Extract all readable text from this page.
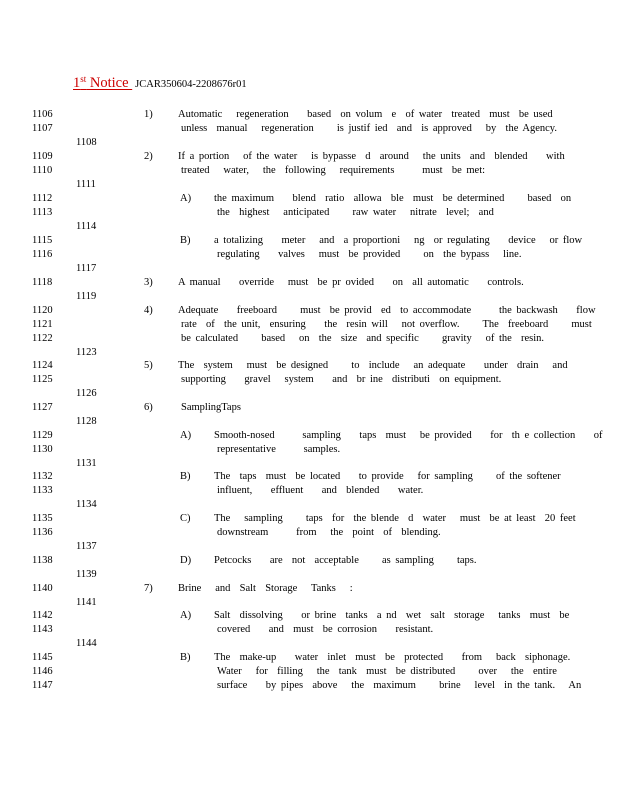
1st Notice JCAR350604-2208676r01
1106
1107
1108
1109
1110
1111
1112
1113
1114
1115
1116
1117
1118
1119
1120
1121
1122
1123
1124
1125
1126
1127
1128
1129
1130
1131
1132
1133
1134
1135
1136
1137
1138
1139
1140
1141
1142
1143
1144
1145
1146
1147
1) Automatic   regeneration    based  on volum  e  of water  treated  must  be used
unless  manual   regeneration     is justif ied  and  is approved   by  the Agency.
2) If a portion   of the water   is bypasse  d  around   the units  and  blended    with
treated   water,   the  following   requirements      must  be met:
A) the maximum    blend  ratio  allowa  ble  must  be determined     based  on
the  highest   anticipated     raw water   nitrate  level;  and
B) a totalizing    meter   and  a proportioni   ng  or regulating    device   or flow
regulating    valves   must  be provided     on  the bypass   line.
3) A manual    override   must  be pr ovided    on  all automatic    controls.
4) Adequate    freeboard     must  be provid  ed  to accommodate      the backwash    flow
rate  of  the unit,  ensuring    the  resin will   not overflow.     The  freeboard     must
be calculated     based   on  the  size  and specific     gravity   of the  resin.
5) The  system   must  be designed     to  include   an adequate    under  drain   and
supporting    gravel   system    and  br ine  distributi  on equipment.
6)	SamplingTaps
A) Smooth-nosed      sampling    taps  must   be provided    for  th e collection    of
representative      samples.
B) The  taps  must  be located    to provide   for sampling     of the softener
influent,    effluent    and  blended    water.
C) The   sampling     taps  for  the blende  d  water   must  be at least  20 feet
downstream      from   the  point  of  blending.
D) Petcocks    are  not  acceptable     as sampling     taps.
7) Brine   and  Salt  Storage   Tanks   :
A) Salt  dissolving    or brine  tanks  a nd  wet  salt  storage   tanks  must  be
covered    and  must  be corrosion    resistant.
B) The  make-up    water  inlet  must  be  protected    from   back  siphonage.
Water   for  filling   the  tank  must  be distributed     over   the  entire
surface    by pipes  above   the  maximum     brine   level  in the tank.   An
